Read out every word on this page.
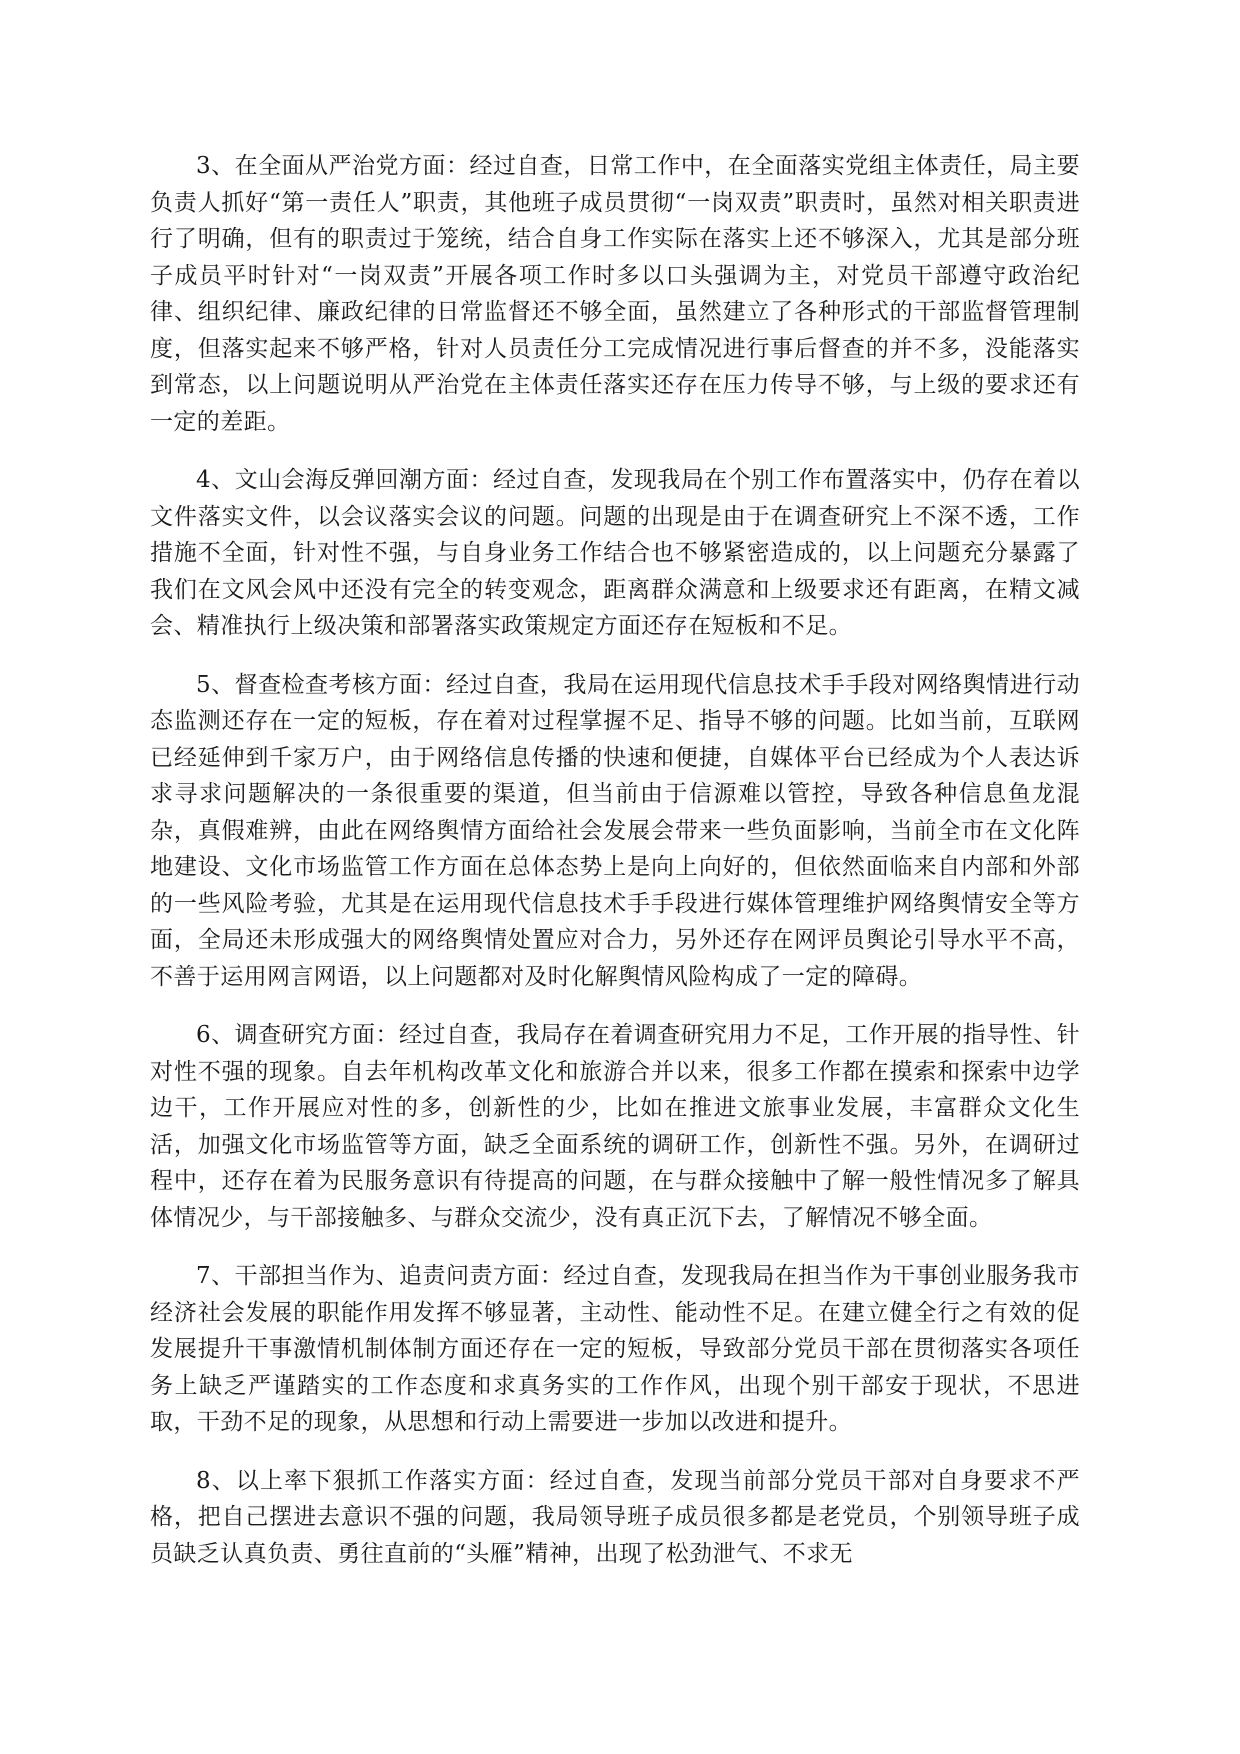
3、在全面从严治党方面：经过自查，日常工作中，在全面落实党组主体责任，局主要负责人抓好“第一责任人”职责，其他班子成员贯彻“一岗双责”职责时，虽然对相关职责进行了明确，但有的职责过于笼统，结合自身工作实际在落实上还不够深入，尤其是部分班子成员平时针对“一岗双责”开展各项工作时多以口头强调为主，对党员干部遵守政治纪律、组织纪律、廉政纪律的日常监督还不够全面，虽然建立了各种形式的干部监督管理制度，但落实起来不够严格，针对人员责任分工完成情况进行事后督查的并不多，没能落实到常态，以上问题说明从严治党在主体责任落实还存在压力传导不够，与上级的要求还有一定的差距。

4、文山会海反弹回潮方面：经过自查，发现我局在个别工作布置落实中，仍存在着以文件落实文件，以会议落实会议的问题。问题的出现是由于在调查研究上不深不透，工作措施不全面，针对性不强，与自身业务工作结合也不够紧密造成的，以上问题充分暴露了我们在文风会风中还没有完全的转变观念，距离群众满意和上级要求还有距离，在精文减会、精准执行上级决策和部署落实政策规定方面还存在短板和不足。

5、督查检查考核方面：经过自查，我局在运用现代信息技术手手段对网络舆情进行动态监测还存在一定的短板，存在着对过程掌握不足、指导不够的问题。比如当前，互联网已经延伸到千家万户，由于网络信息传播的快速和便捷，自媒体平台已经成为个人表达诉求寻求问题解决的一条很重要的渠道，但当前由于信源难以管控，导致各种信息鱼龙混杂，真假难辨，由此在网络舆情方面给社会发展会带来一些负面影响，当前全市在文化阵地建设、文化市场监管工作方面在总体态势上是向上向好的，但依然面临来自内部和外部的一些风险考验，尤其是在运用现代信息技术手手段进行媒体管理维护网络舆情安全等方面，全局还未形成强大的网络舆情处置应对合力，另外还存在网评员舆论引导水平不高，不善于运用网言网语，以上问题都对及时化解舆情风险构成了一定的障碍。

6、调查研究方面：经过自查，我局存在着调查研究用力不足，工作开展的指导性、针对性不强的现象。自去年机构改革文化和旅游合并以来，很多工作都在摸索和探索中边学边干，工作开展应对性的多，创新性的少，比如在推进文旅事业发展，丰富群众文化生活，加强文化市场监管等方面，缺乏全面系统的调研工作，创新性不强。另外，在调研过程中，还存在着为民服务意识有待提高的问题，在与群众接触中了解一般性情况多了解具体情况少，与干部接触多、与群众交流少，没有真正沉下去，了解情况不够全面。

7、干部担当作为、追责问责方面：经过自查，发现我局在担当作为干事创业服务我市经济社会发展的职能作用发挥不够显著，主动性、能动性不足。在建立健全行之有效的促发展提升干事激情机制体制方面还存在一定的短板，导致部分党员干部在贯彻落实各项任务上缺乏严谨踏实的工作态度和求真务实的工作作风，出现个别干部安于现状，不思进取，干劲不足的现象，从思想和行动上需要进一步加以改进和提升。

8、以上率下狠抓工作落实方面：经过自查，发现当前部分党员干部对自身要求不严格，把自己摆进去意识不强的问题，我局领导班子成员很多都是老党员，个别领导班子成员缺乏认真负责、勇往直前的“头雁”精神，出现了松劲泄气、不求无
